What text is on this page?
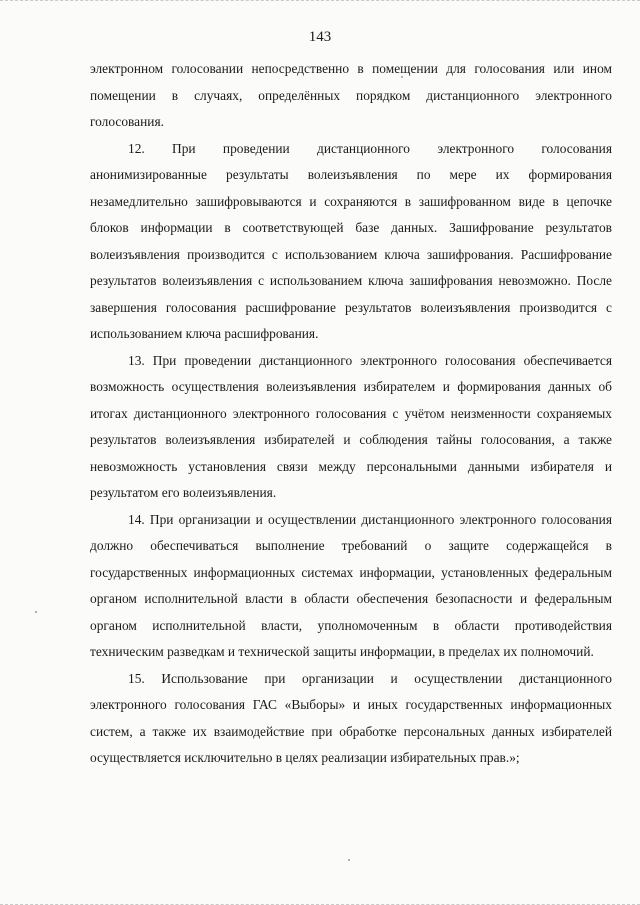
143

электронном голосовании непосредственно в помещении для голосования или ином помещении в случаях, определённых порядком дистанционного электронного голосования.

12. При проведении дистанционного электронного голосования анонимизированные результаты волеизъявления по мере их формирования незамедлительно зашифровываются и сохраняются в зашифрованном виде в цепочке блоков информации в соответствующей базе данных. Зашифрование результатов волеизъявления производится с использованием ключа зашифрования. Расшифрование результатов волеизъявления с использованием ключа зашифрования невозможно. После завершения голосования расшифрование результатов волеизъявления производится с использованием ключа расшифрования.

13. При проведении дистанционного электронного голосования обеспечивается возможность осуществления волеизъявления избирателем и формирования данных об итогах дистанционного электронного голосования с учётом неизменности сохраняемых результатов волеизъявления избирателей и соблюдения тайны голосования, а также невозможность установления связи между персональными данными избирателя и результатом его волеизъявления.

14. При организации и осуществлении дистанционного электронного голосования должно обеспечиваться выполнение требований о защите содержащейся в государственных информационных системах информации, установленных федеральным органом исполнительной власти в области обеспечения безопасности и федеральным органом исполнительной власти, уполномоченным в области противодействия техническим разведкам и технической защиты информации, в пределах их полномочий.

15. Использование при организации и осуществлении дистанционного электронного голосования ГАС «Выборы» и иных государственных информационных систем, а также их взаимодействие при обработке персональных данных избирателей осуществляется исключительно в целях реализации избирательных прав.»;
